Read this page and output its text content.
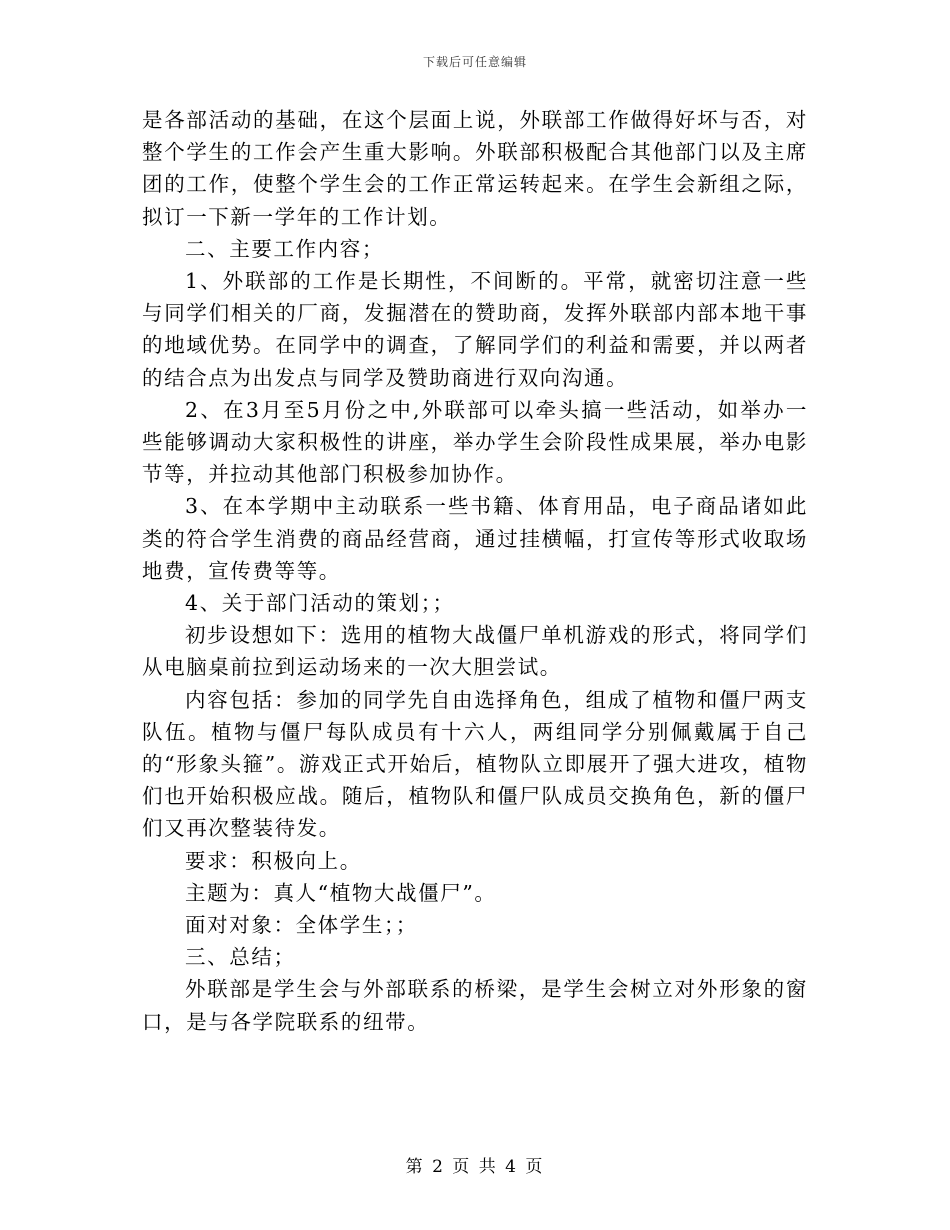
下载后可任意编辑

是各部活动的基础，在这个层面上说，外联部工作做得好坏与否，对整个学生的工作会产生重大影响。外联部积极配合其他部门以及主席团的工作，使整个学生会的工作正常运转起来。在学生会新组之际，拟订一下新一学年的工作计划。

二、主要工作内容；

1、外联部的工作是长期性，不间断的。平常，就密切注意一些与同学们相关的厂商，发掘潜在的赞助商，发挥外联部内部本地干事的地域优势。在同学中的调查，了解同学们的利益和需要，并以两者的结合点为出发点与同学及赞助商进行双向沟通。

2、在3月至5月份之中,外联部可以牵头搞一些活动，如举办一些能够调动大家积极性的讲座，举办学生会阶段性成果展，举办电影节等，并拉动其他部门积极参加协作。

3、在本学期中主动联系一些书籍、体育用品，电子商品诸如此类的符合学生消费的商品经营商，通过挂横幅，打宣传等形式收取场地费，宣传费等等。

4、关于部门活动的策划；；

初步设想如下：选用的植物大战僵尸单机游戏的形式，将同学们从电脑桌前拉到运动场来的一次大胆尝试。

内容包括：参加的同学先自由选择角色，组成了植物和僵尸两支队伍。植物与僵尸每队成员有十六人，两组同学分别佩戴属于自己的“形象头箍”。游戏正式开始后，植物队立即展开了强大进攻，植物们也开始积极应战。随后，植物队和僵尸队成员交换角色，新的僵尸们又再次整装待发。

要求：积极向上。

主题为：真人“植物大战僵尸”。

面对对象：全体学生；；

三、总结；

外联部是学生会与外部联系的桥梁，是学生会树立对外形象的窗口，是与各学院联系的纽带。

第 2 页 共 4 页
